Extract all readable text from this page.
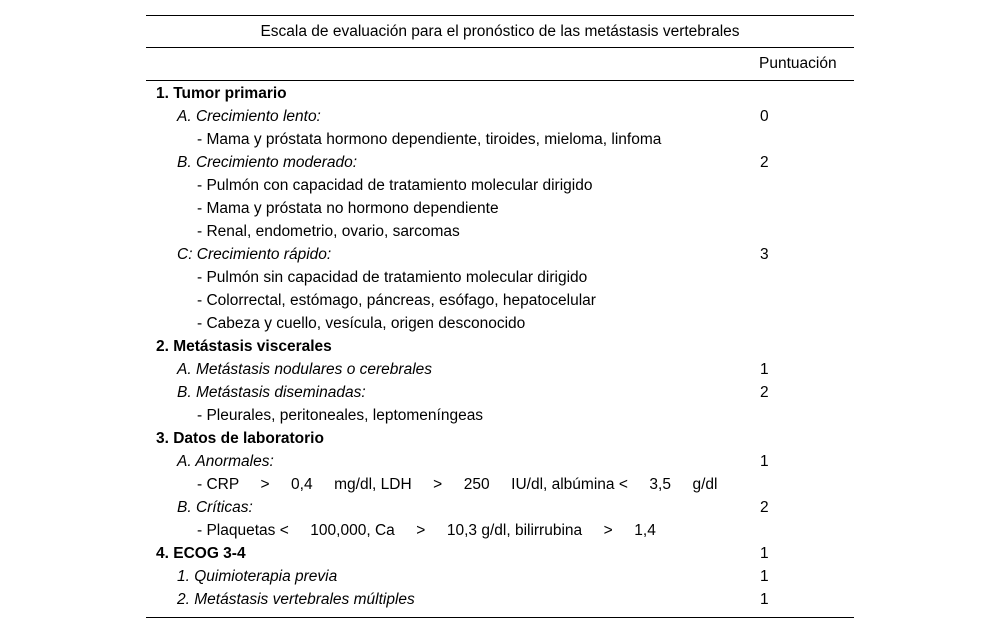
Escala de evaluación para el pronóstico de las metástasis vertebrales
Puntuación
1. Tumor primario
A. Crecimiento lento:	0
- Mama y próstata hormono dependiente, tiroides, mieloma, linfoma
B. Crecimiento moderado:	2
- Pulmón con capacidad de tratamiento molecular dirigido
- Mama y próstata no hormono dependiente
- Renal, endometrio, ovario, sarcomas
C: Crecimiento rápido:	3
- Pulmón sin capacidad de tratamiento molecular dirigido
- Colorrectal, estómago, páncreas, esófago, hepatocelular
- Cabeza y cuello, vesícula, origen desconocido
2. Metástasis viscerales
A. Metástasis nodulares o cerebrales	1
B. Metástasis diseminadas:	2
- Pleurales, peritoneales, leptomeníngeas
3. Datos de laboratorio
A. Anormales:	1
- CRP     >     0,4     mg/dl, LDH     >     250     IU/dl, albúmina <     3,5     g/dl
B. Críticas:	2
- Plaquetas <     100,000, Ca     >     10,3 g/dl, bilirrubina     >     1,4
4. ECOG 3-4	1
1. Quimioterapia previa	1
2. Metástasis vertebrales múltiples	1
